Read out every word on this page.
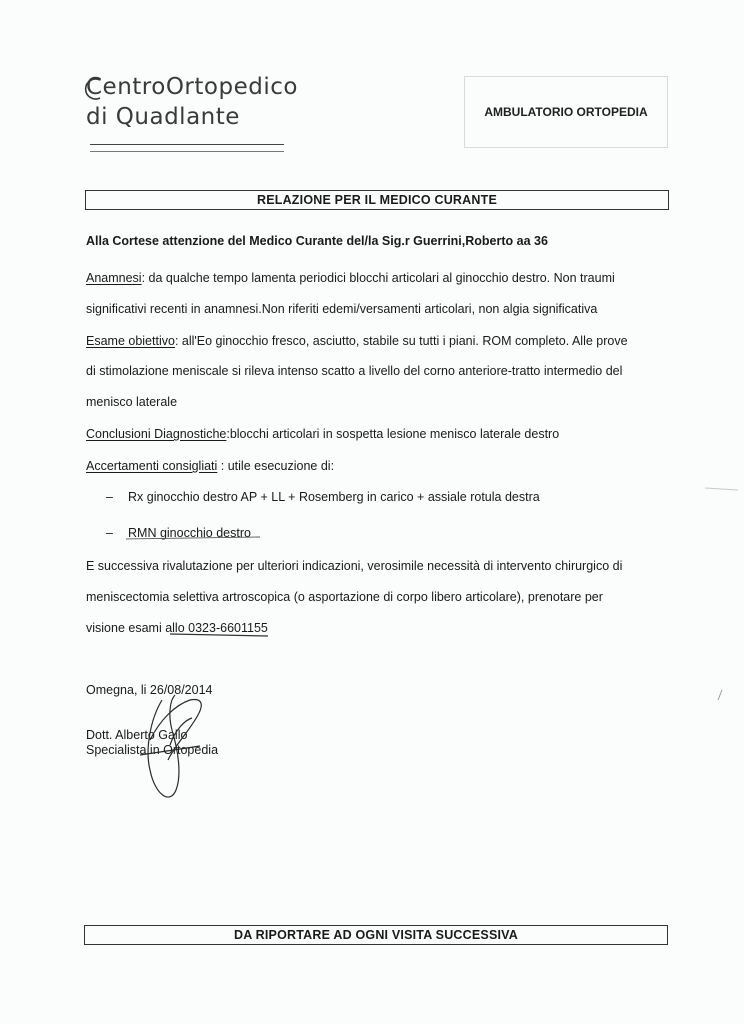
CentroOrtopedico
di Quadlante	AMBULATORIO ORTOPEDIA
RELAZIONE PER IL MEDICO CURANTE
Alla Cortese attenzione del Medico Curante del/la Sig.r Guerrini,Roberto aa 36
Anamnesi: da qualche tempo lamenta periodici blocchi articolari al ginocchio destro. Non traumi
significativi recenti in anamnesi.Non riferiti edemi/versamenti articolari, non algia significativa
Esame obiettivo: all'Eo ginocchio fresco, asciutto, stabile su tutti i piani. ROM completo. Alle prove
di stimolazione meniscale si rileva intenso scatto a livello del corno anteriore-tratto intermedio del
menisco laterale
Conclusioni Diagnostiche:blocchi articolari in sospetta lesione menisco laterale destro
Accertamenti consigliati : utile esecuzione di:
– Rx ginocchio destro AP + LL + Rosemberg in carico + assiale rotula destra
– RMN ginocchio destro
E successiva rivalutazione per ulteriori indicazioni, verosimile necessità di intervento chirurgico di
meniscectomia selettiva artroscopica (o asportazione di corpo libero articolare), prenotare per
visione esami allo 0323-6601155
Omegna, li 26/08/2014
Dott. Alberto Gallo
Specialista in Ortopedia
DA RIPORTARE AD OGNI VISITA SUCCESSIVA
